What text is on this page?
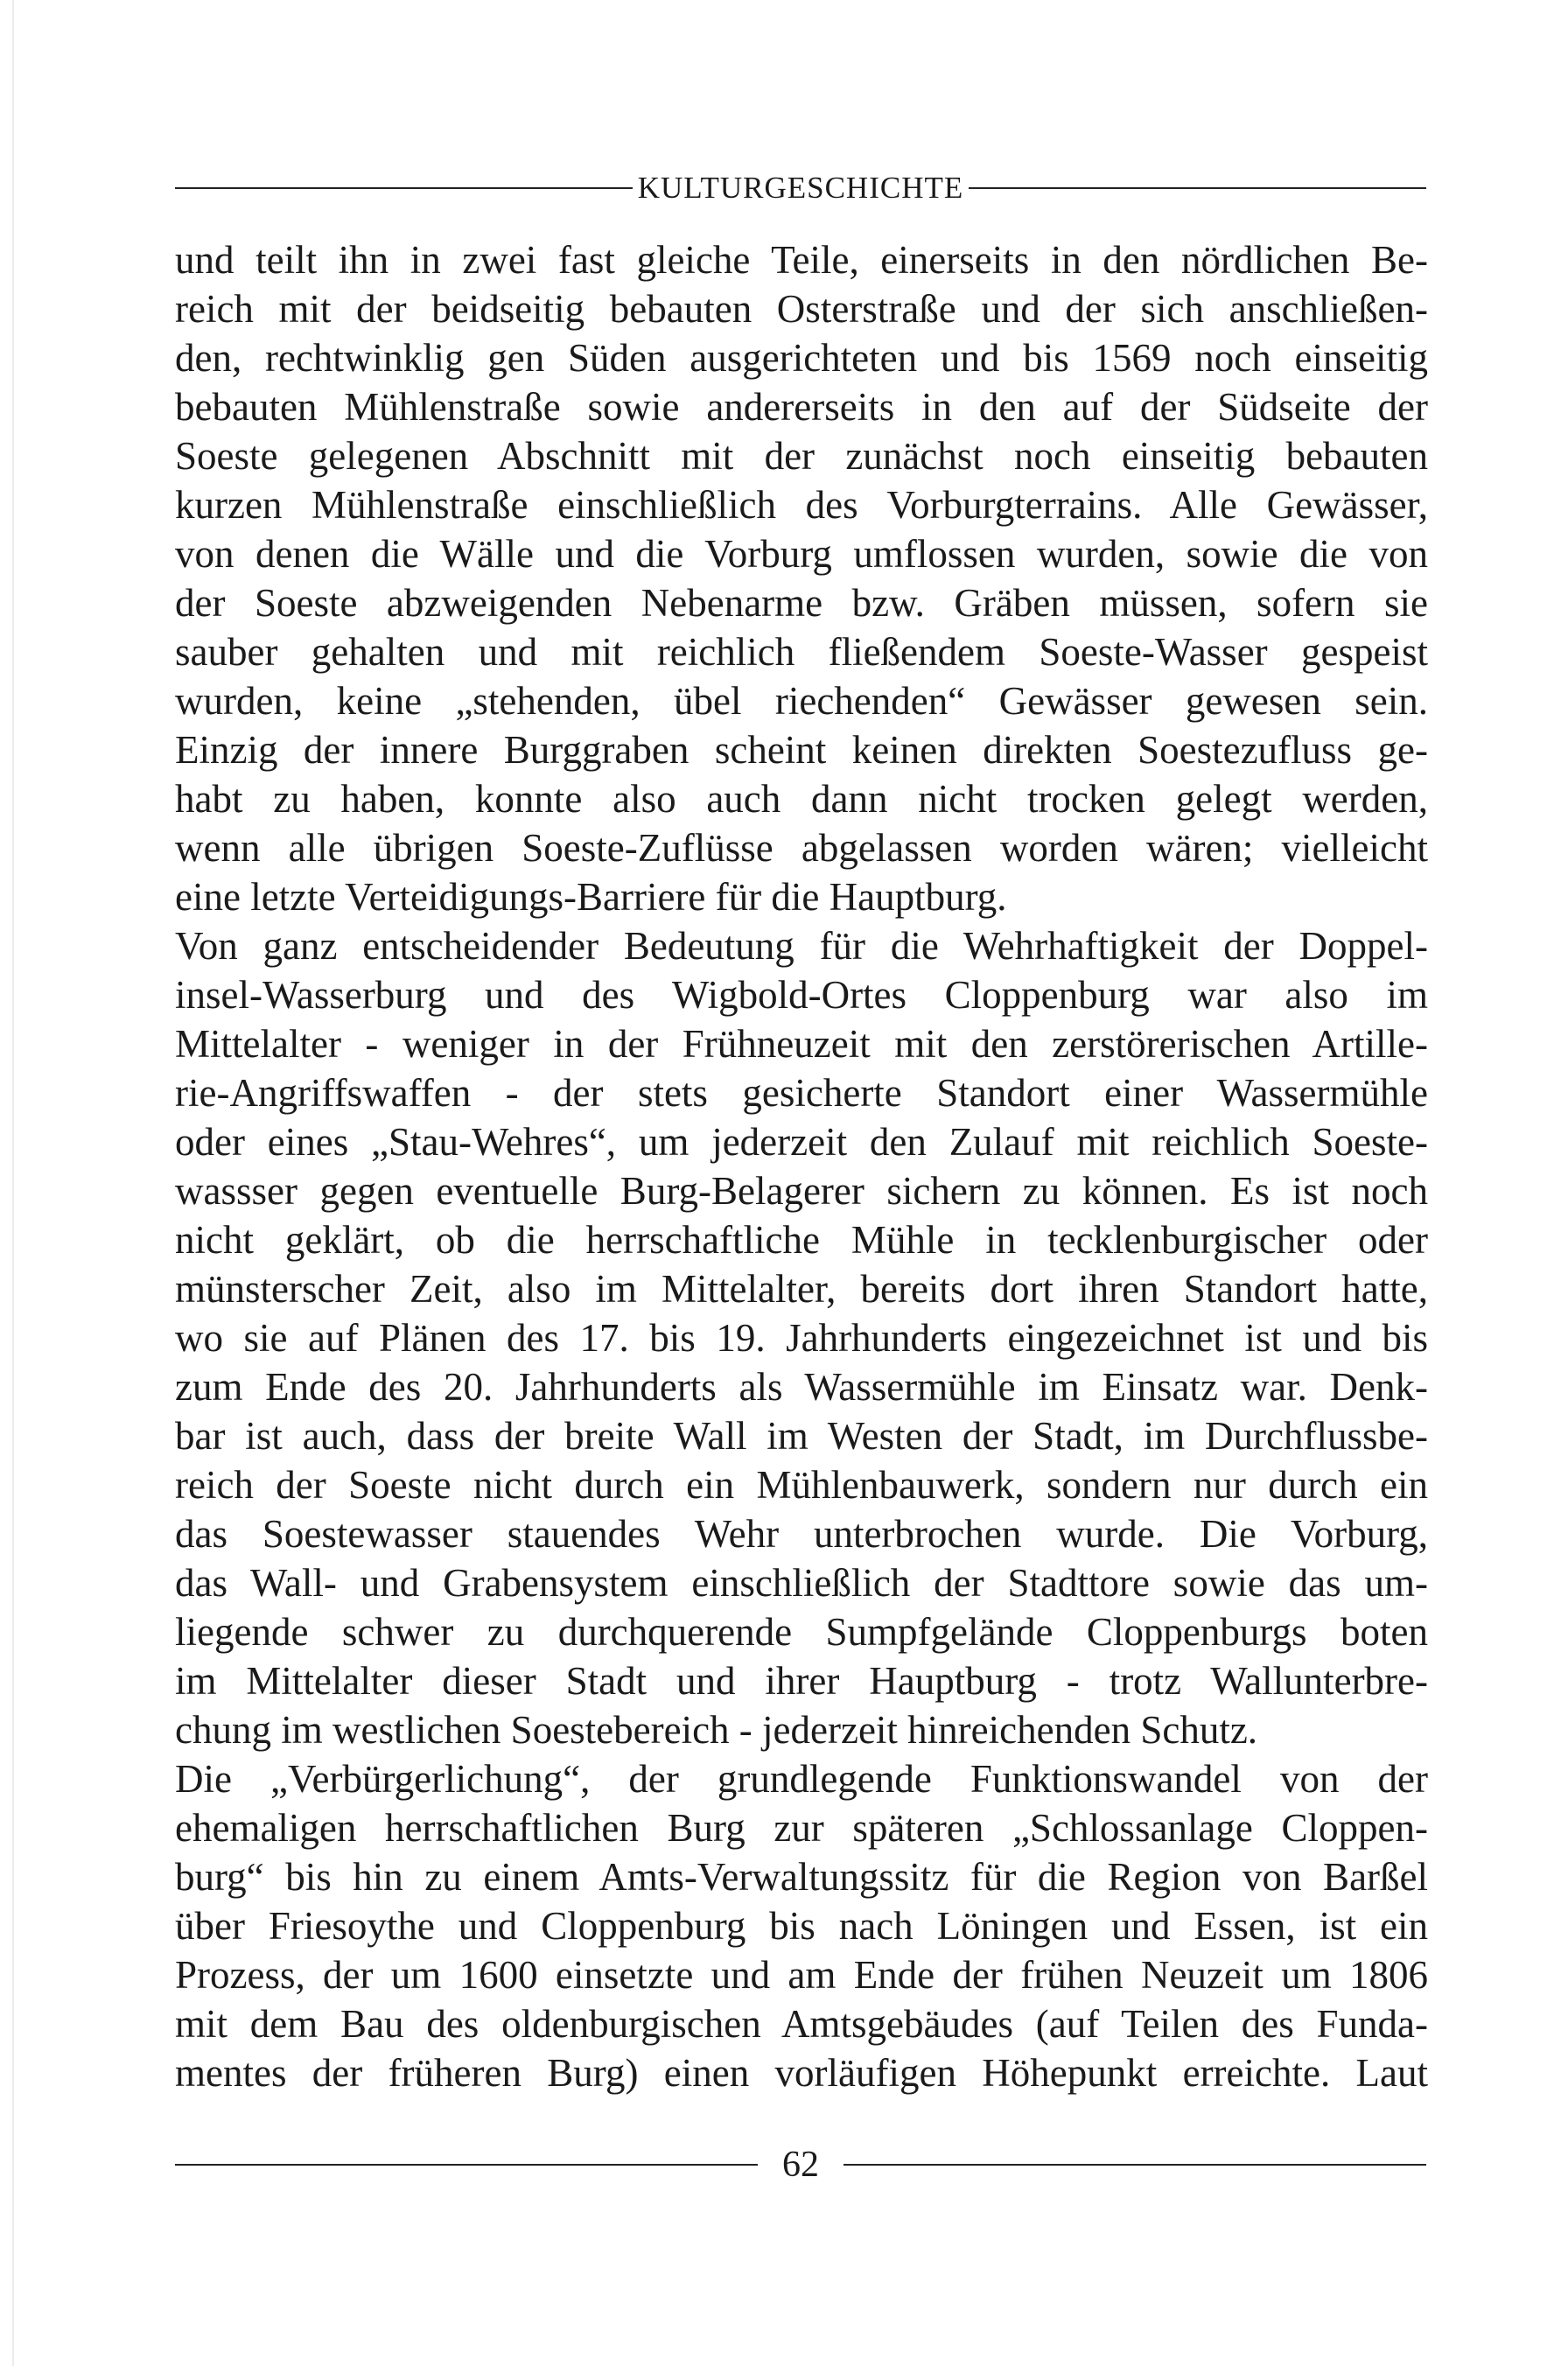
KULTURGESCHICHTE
und teilt ihn in zwei fast gleiche Teile, einerseits in den nördlichen Be-
reich mit der beidseitig bebauten Osterstraße und der sich anschließen-
den, rechtwinklig gen Süden ausgerichteten und bis 1569 noch einseitig
bebauten Mühlenstraße sowie andererseits in den auf der Südseite der
Soeste gelegenen Abschnitt mit der zunächst noch einseitig bebauten
kurzen Mühlenstraße einschließlich des Vorburgterrains. Alle Gewässer,
von denen die Wälle und die Vorburg umflossen wurden, sowie die von
der Soeste abzweigenden Nebenarme bzw. Gräben müssen, sofern sie
sauber gehalten und mit reichlich fließendem Soeste-Wasser gespeist
wurden, keine „stehenden, übel riechenden“ Gewässer gewesen sein.
Einzig der innere Burggraben scheint keinen direkten Soestezufluss ge-
habt zu haben, konnte also auch dann nicht trocken gelegt werden,
wenn alle übrigen Soeste-Zuflüsse abgelassen worden wären; vielleicht
eine letzte Verteidigungs-Barriere für die Hauptburg.
Von ganz entscheidender Bedeutung für die Wehrhaftigkeit der Doppel-
insel-Wasserburg und des Wigbold-Ortes Cloppenburg war also im
Mittelalter - weniger in der Frühneuzeit mit den zerstörerischen Artille-
rie-Angriffswaffen - der stets gesicherte Standort einer Wassermühle
oder eines „Stau-Wehres“, um jederzeit den Zulauf mit reichlich Soeste-
wassser gegen eventuelle Burg-Belagerer sichern zu können. Es ist noch
nicht geklärt, ob die herrschaftliche Mühle in tecklenburgischer oder
münsterscher Zeit, also im Mittelalter, bereits dort ihren Standort hatte,
wo sie auf Plänen des 17. bis 19. Jahrhunderts eingezeichnet ist und bis
zum Ende des 20. Jahrhunderts als Wassermühle im Einsatz war. Denk-
bar ist auch, dass der breite Wall im Westen der Stadt, im Durchflussbe-
reich der Soeste nicht durch ein Mühlenbauwerk, sondern nur durch ein
das Soestewasser stauendes Wehr unterbrochen wurde. Die Vorburg,
das Wall- und Grabensystem einschließlich der Stadttore sowie das um-
liegende schwer zu durchquerende Sumpfgelände Cloppenburgs boten
im Mittelalter dieser Stadt und ihrer Hauptburg - trotz Wallunterbre-
chung im westlichen Soestebereich - jederzeit hinreichenden Schutz.
Die „Verbürgerlichung“, der grundlegende Funktionswandel von der
ehemaligen herrschaftlichen Burg zur späteren „Schlossanlage Cloppen-
burg“ bis hin zu einem Amts-Verwaltungssitz für die Region von Barßel
über Friesoythe und Cloppenburg bis nach Löningen und Essen, ist ein
Prozess, der um 1600 einsetzte und am Ende der frühen Neuzeit um 1806
mit dem Bau des oldenburgischen Amtsgebäudes (auf Teilen des Funda-
mentes der früheren Burg) einen vorläufigen Höhepunkt erreichte. Laut
62
